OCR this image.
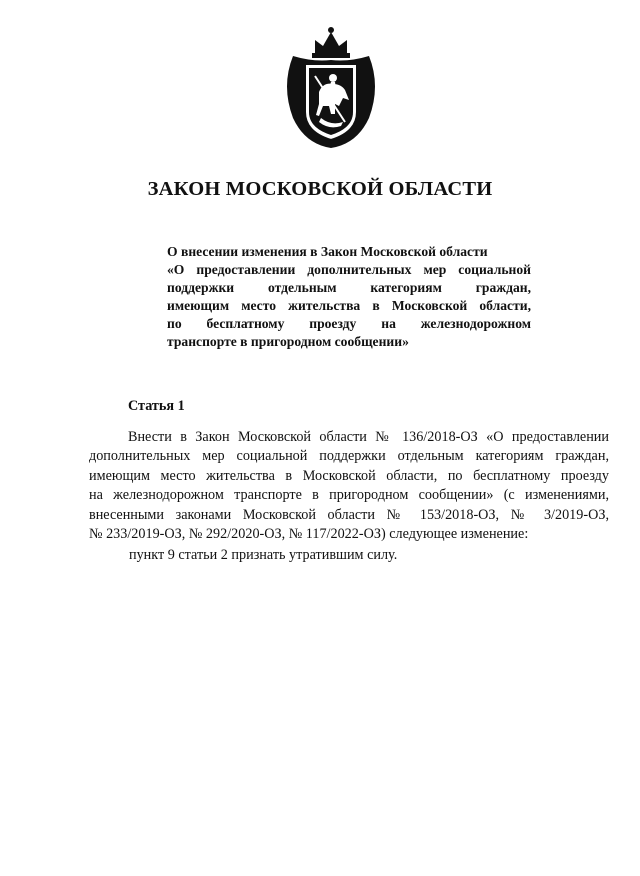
ЗАКОН МОСКОВСКОЙ ОБЛАСТИ
О внесении изменения в Закон Московской области
«О предоставлении дополнительных мер социальной
поддержки отдельным категориям граждан,
имеющим место жительства в Московской области,
по бесплатному проезду на железнодорожном
транспорте в пригородном сообщении»
Статья 1
Внести в Закон Московской области № 136/2018-ОЗ «О предоставлении
дополнительных мер социальной поддержки отдельным категориям граждан,
имеющим место жительства в Московской области, по бесплатному проезду
на железнодорожном транспорте в пригородном сообщении» (с изменениями,
внесенными законами Московской области № 153/2018-ОЗ, № 3/2019-ОЗ,
№ 233/2019-ОЗ, № 292/2020-ОЗ, № 117/2022-ОЗ) следующее изменение:
пункт 9 статьи 2 признать утратившим силу.
